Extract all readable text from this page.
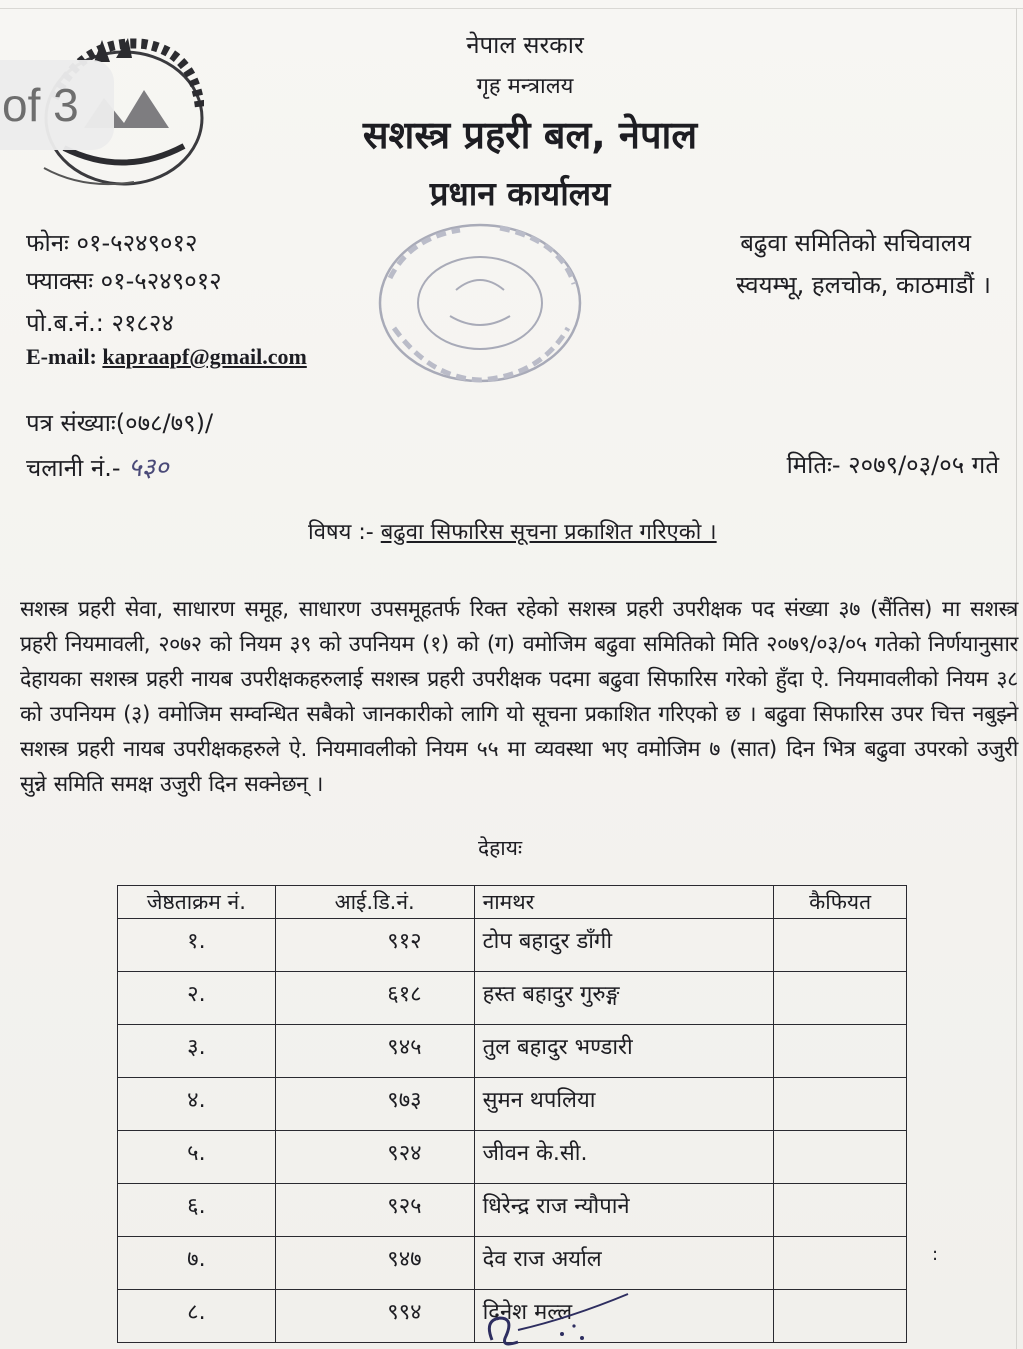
of 3
नेपाल सरकार
गृह मन्त्रालय
सशस्त्र प्रहरी बल, नेपाल
प्रधान कार्यालय
फोनः ०१-५२४९०१२
फ्याक्सः ०१-५२४९०१२
पो.ब.नं.: २१८२४
E-mail: kapraapf@gmail.com
बढुवा समितिको सचिवालय
स्वयम्भू, हलचोक, काठमाडौं ।
पत्र संख्याः(०७८/७९)/
चलानी नं.- ५३०	मितिः- २०७९/०३/०५ गते
विषय :- बढुवा सिफारिस सूचना प्रकाशित गरिएको ।
सशस्त्र प्रहरी सेवा, साधारण समूह, साधारण उपसमूहतर्फ रिक्त रहेको सशस्त्र प्रहरी उपरीक्षक पद संख्या ३७ (सैंतिस) मा सशस्त्र प्रहरी नियमावली, २०७२ को नियम ३९ को उपनियम (१) को (ग) वमोजिम बढुवा समितिको मिति २०७९/०३/०५ गतेको निर्णयानुसार देहायका सशस्त्र प्रहरी नायब उपरीक्षकहरुलाई सशस्त्र प्रहरी उपरीक्षक पदमा बढुवा सिफारिस गरेको हुँदा ऐ. नियमावलीको नियम ३८ को उपनियम (३) वमोजिम सम्वन्धित सबैको जानकारीको लागि यो सूचना प्रकाशित गरिएको छ । बढुवा सिफारिस उपर चित्त नबुझ्ने सशस्त्र प्रहरी नायब उपरीक्षकहरुले ऐ. नियमावलीको नियम ५५ मा व्यवस्था भए वमोजिम ७ (सात) दिन भित्र बढुवा उपरको उजुरी सुन्ने समिति समक्ष उजुरी दिन सक्नेछन् ।
देहायः
जेष्ठताक्रम नं.	आई.डि.नं.	नामथर	कैफियत
१.	९१२	टोप बहादुर डाँगी	
२.	६१८	हस्त बहादुर गुरुङ्ग	
३.	९४५	तुल बहादुर भण्डारी	
४.	९७३	सुमन थपलिया	
५.	९२४	जीवन के.सी.	
६.	९२५	धिरेन्द्र राज न्यौपाने	
७.	९४७	देव राज अर्याल	
८.	९९४	दिनेश मल्ल	
:
